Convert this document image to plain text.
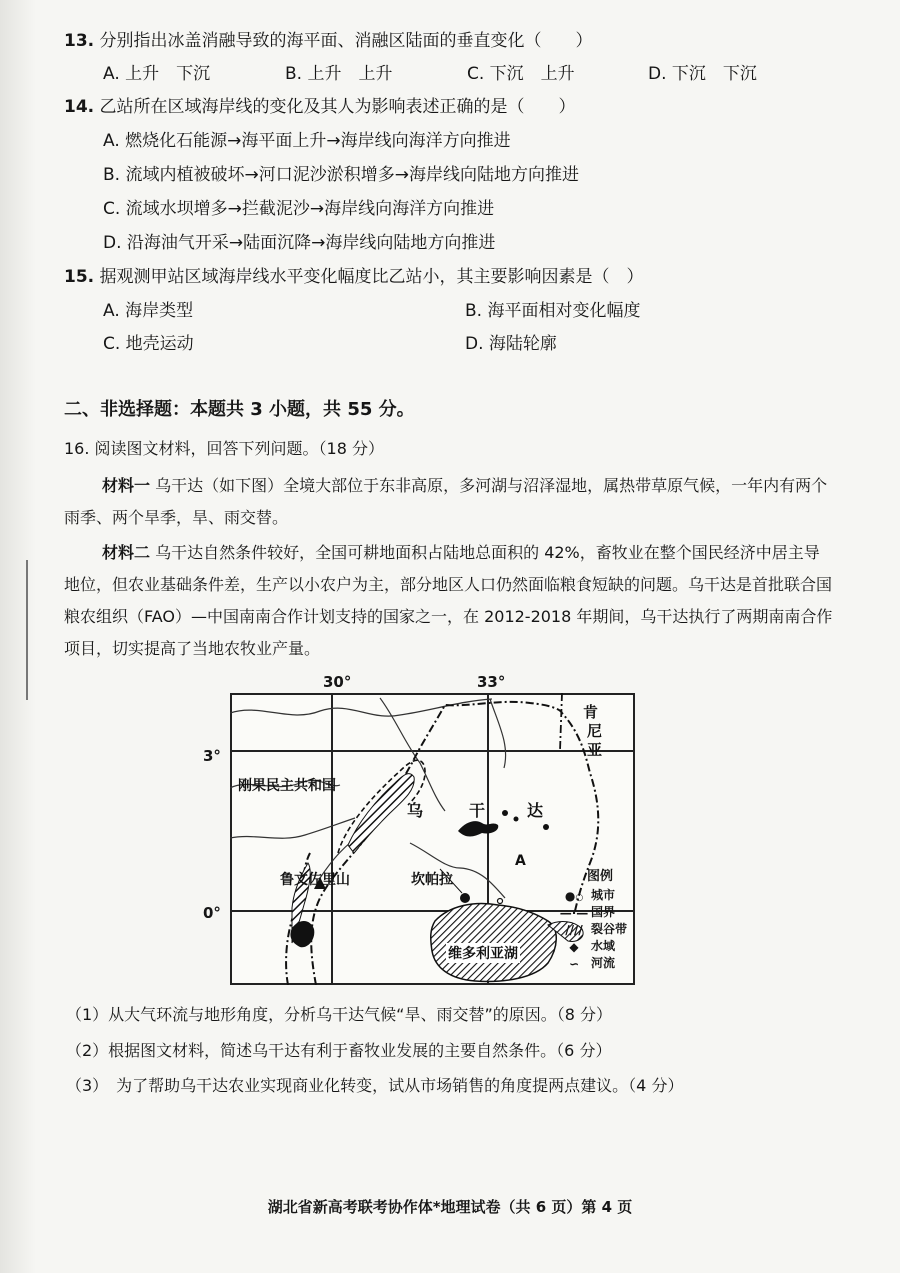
13. 分别指出冰盖消融导致的海平面、消融区陆面的垂直变化（　　）
A. 上升　下沉	B. 上升　上升	C. 下沉　上升	D. 下沉　下沉
14. 乙站所在区域海岸线的变化及其人为影响表述正确的是（　　）
A. 燃烧化石能源→海平面上升→海岸线向海洋方向推进
B. 流域内植被破坏→河口泥沙淤积增多→海岸线向陆地方向推进
C. 流域水坝增多→拦截泥沙→海岸线向海洋方向推进
D. 沿海油气开采→陆面沉降→海岸线向陆地方向推进
15. 据观测甲站区域海岸线水平变化幅度比乙站小，其主要影响因素是（　）
A. 海岸类型	B. 海平面相对变化幅度
C. 地壳运动	D. 海陆轮廓
二、非选择题：本题共 3 小题，共 55 分。
16. 阅读图文材料，回答下列问题。（18 分）
材料一 乌干达（如下图）全境大部位于东非高原，多河湖与沼泽湿地，属热带草原气候，一年内有两个雨季、两个旱季，旱、雨交替。
材料二 乌干达自然条件较好，全国可耕地面积占陆地总面积的 42%，畜牧业在整个国民经济中居主导地位，但农业基础条件差，生产以小农户为主，部分地区人口仍然面临粮食短缺的问题。乌干达是首批联合国粮农组织（FAO）—中国南南合作计划支持的国家之一，在 2012-2018 年期间，乌干达执行了两期南南合作项目，切实提高了当地农牧业产量。
30°	33°
3°
0°
刚果民主共和国
乌	干	达
肯
尼
亚
鲁文佐里山	坎帕拉
A
维多利亚湖
图例
●○ 城市
—·— 国界
//// 裂谷带
◆ 水域
∽ 河流
（1）从大气环流与地形角度，分析乌干达气候“旱、雨交替”的原因。（8 分）
（2）根据图文材料，简述乌干达有利于畜牧业发展的主要自然条件。（6 分）
（3）　为了帮助乌干达农业实现商业化转变，试从市场销售的角度提两点建议。（4 分）
湖北省新高考联考协作体*地理试卷（共 6 页）第 4 页
